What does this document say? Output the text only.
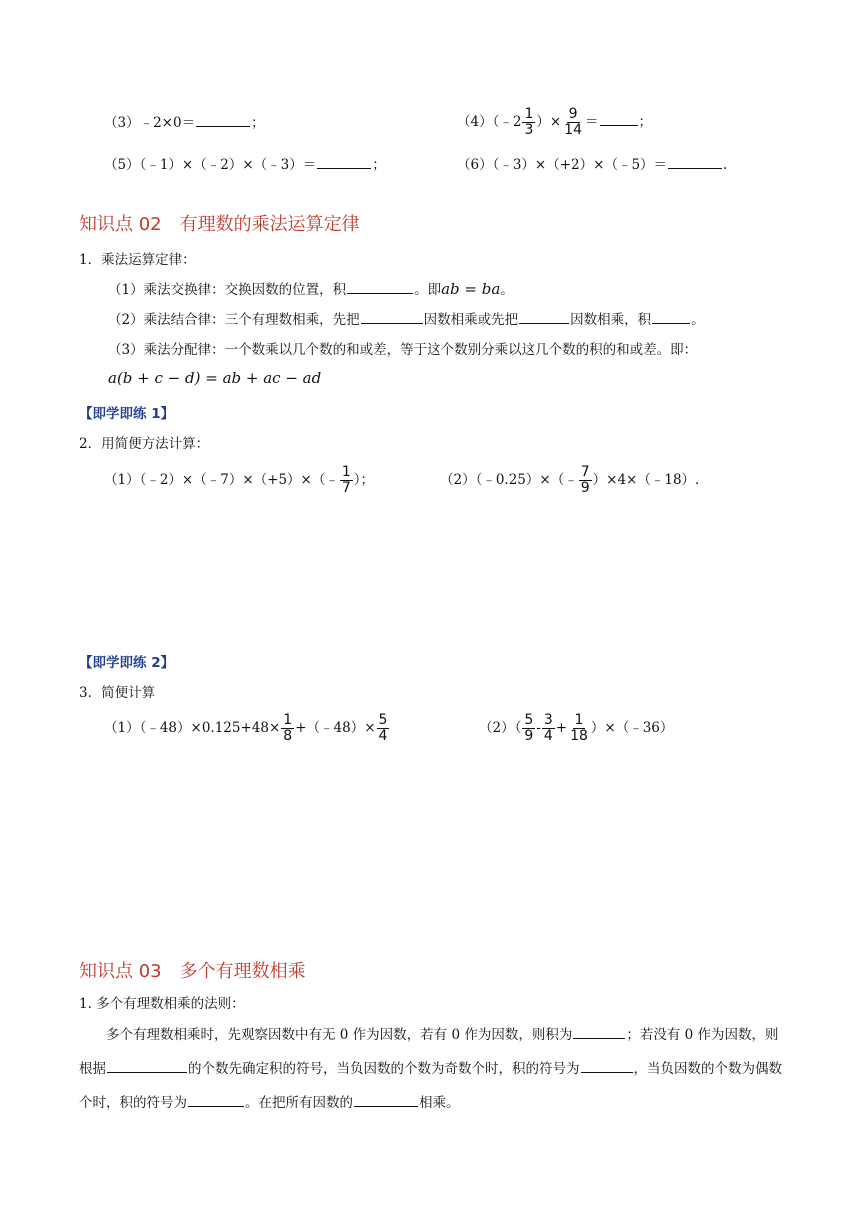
（3）﹣2×0＝	；	（4）（﹣2 $\frac{1}{3}$ ）× $\frac{9}{14}$ ＝	；
（5）（﹣1）×（﹣2）×（﹣3）＝	；	（6）（﹣3）×（+2）×（﹣5）＝	.
知识点 02　有理数的乘法运算定律
1．乘法运算定律：
（1）乘法交换律：交换因数的位置，积	。即ab = ba。
（2）乘法结合律：三个有理数相乘，先把	因数相乘或先把	因数相乘，积	。
（3）乘法分配律：一个数乘以几个数的和或差，等于这个数别分乘以这几个数的积的和或差。即：
a(b + c − d) = ab + ac − ad
【即学即练 1】
2．用简便方法计算：
（1）（﹣2）×（﹣7）×（+5）×（﹣ $\frac{1}{7}$ ）；	（2）（﹣0.25）×（﹣ $\frac{7}{9}$ ）×4×（﹣18）.
【即学即练 2】
3．简便计算
（1）（﹣48）×0.125+48× $\frac{1}{8}$ +（﹣48）× $\frac{5}{4}$	$(2)( \frac{5}{9} - \frac{3}{4} + \frac{1}{18}$ ）×（﹣36）
知识点 03　多个有理数相乘
1. 多个有理数相乘的法则：
多个有理数相乘时，先观察因数中有无 0 作为因数，若有 0 作为因数，则积为	；若没有 0 作为因数，则根据	的个数先确定积的符号，当负因数的个数为奇数个时，积的符号为	，当负因数的个数为偶数个时，积的符号为	。在把所有因数的	相乘。
